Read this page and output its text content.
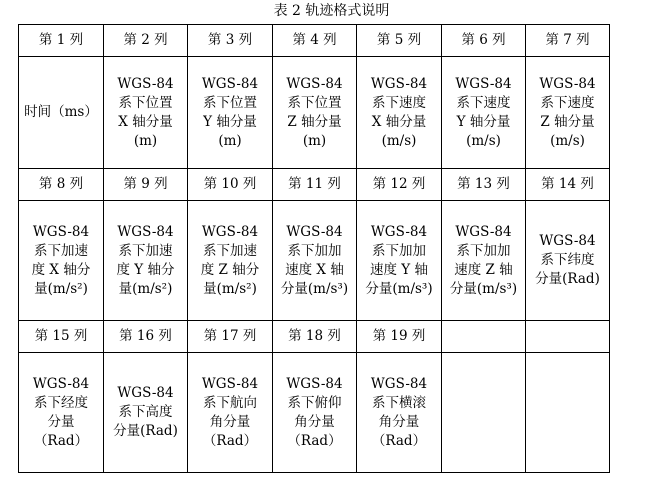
表 2 轨迹格式说明
第 1 列	第 2 列	第 3 列	第 4 列	第 5 列	第 6 列	第 7 列
时间（ms）	WGS-84
系下位置
X 轴分量
(m)	WGS-84
系下位置
Y 轴分量
(m)	WGS-84
系下位置
Z 轴分量
(m)	WGS-84
系下速度
X 轴分量
(m/s)	WGS-84
系下速度
Y 轴分量
(m/s)	WGS-84
系下速度
Z 轴分量
(m/s)
第 8 列	第 9 列	第 10 列	第 11 列	第 12 列	第 13 列	第 14 列
WGS-84
系下加速
度 X 轴分
量(m/s²)	WGS-84
系下加速
度 Y 轴分
量(m/s²)	WGS-84
系下加速
度 Z 轴分
量(m/s²)	WGS-84
系下加加
速度 X 轴
分量(m/s³)	WGS-84
系下加加
速度 Y 轴
分量(m/s³)	WGS-84
系下加加
速度 Z 轴
分量(m/s³)	WGS-84
系下纬度
分量(Rad)
第 15 列	第 16 列	第 17 列	第 18 列	第 19 列		
WGS-84
系下经度
分量
（Rad）	WGS-84
系下高度
分量(Rad)	WGS-84
系下航向
角分量
（Rad）	WGS-84
系下俯仰
角分量
（Rad）	WGS-84
系下横滚
角分量
（Rad）		
